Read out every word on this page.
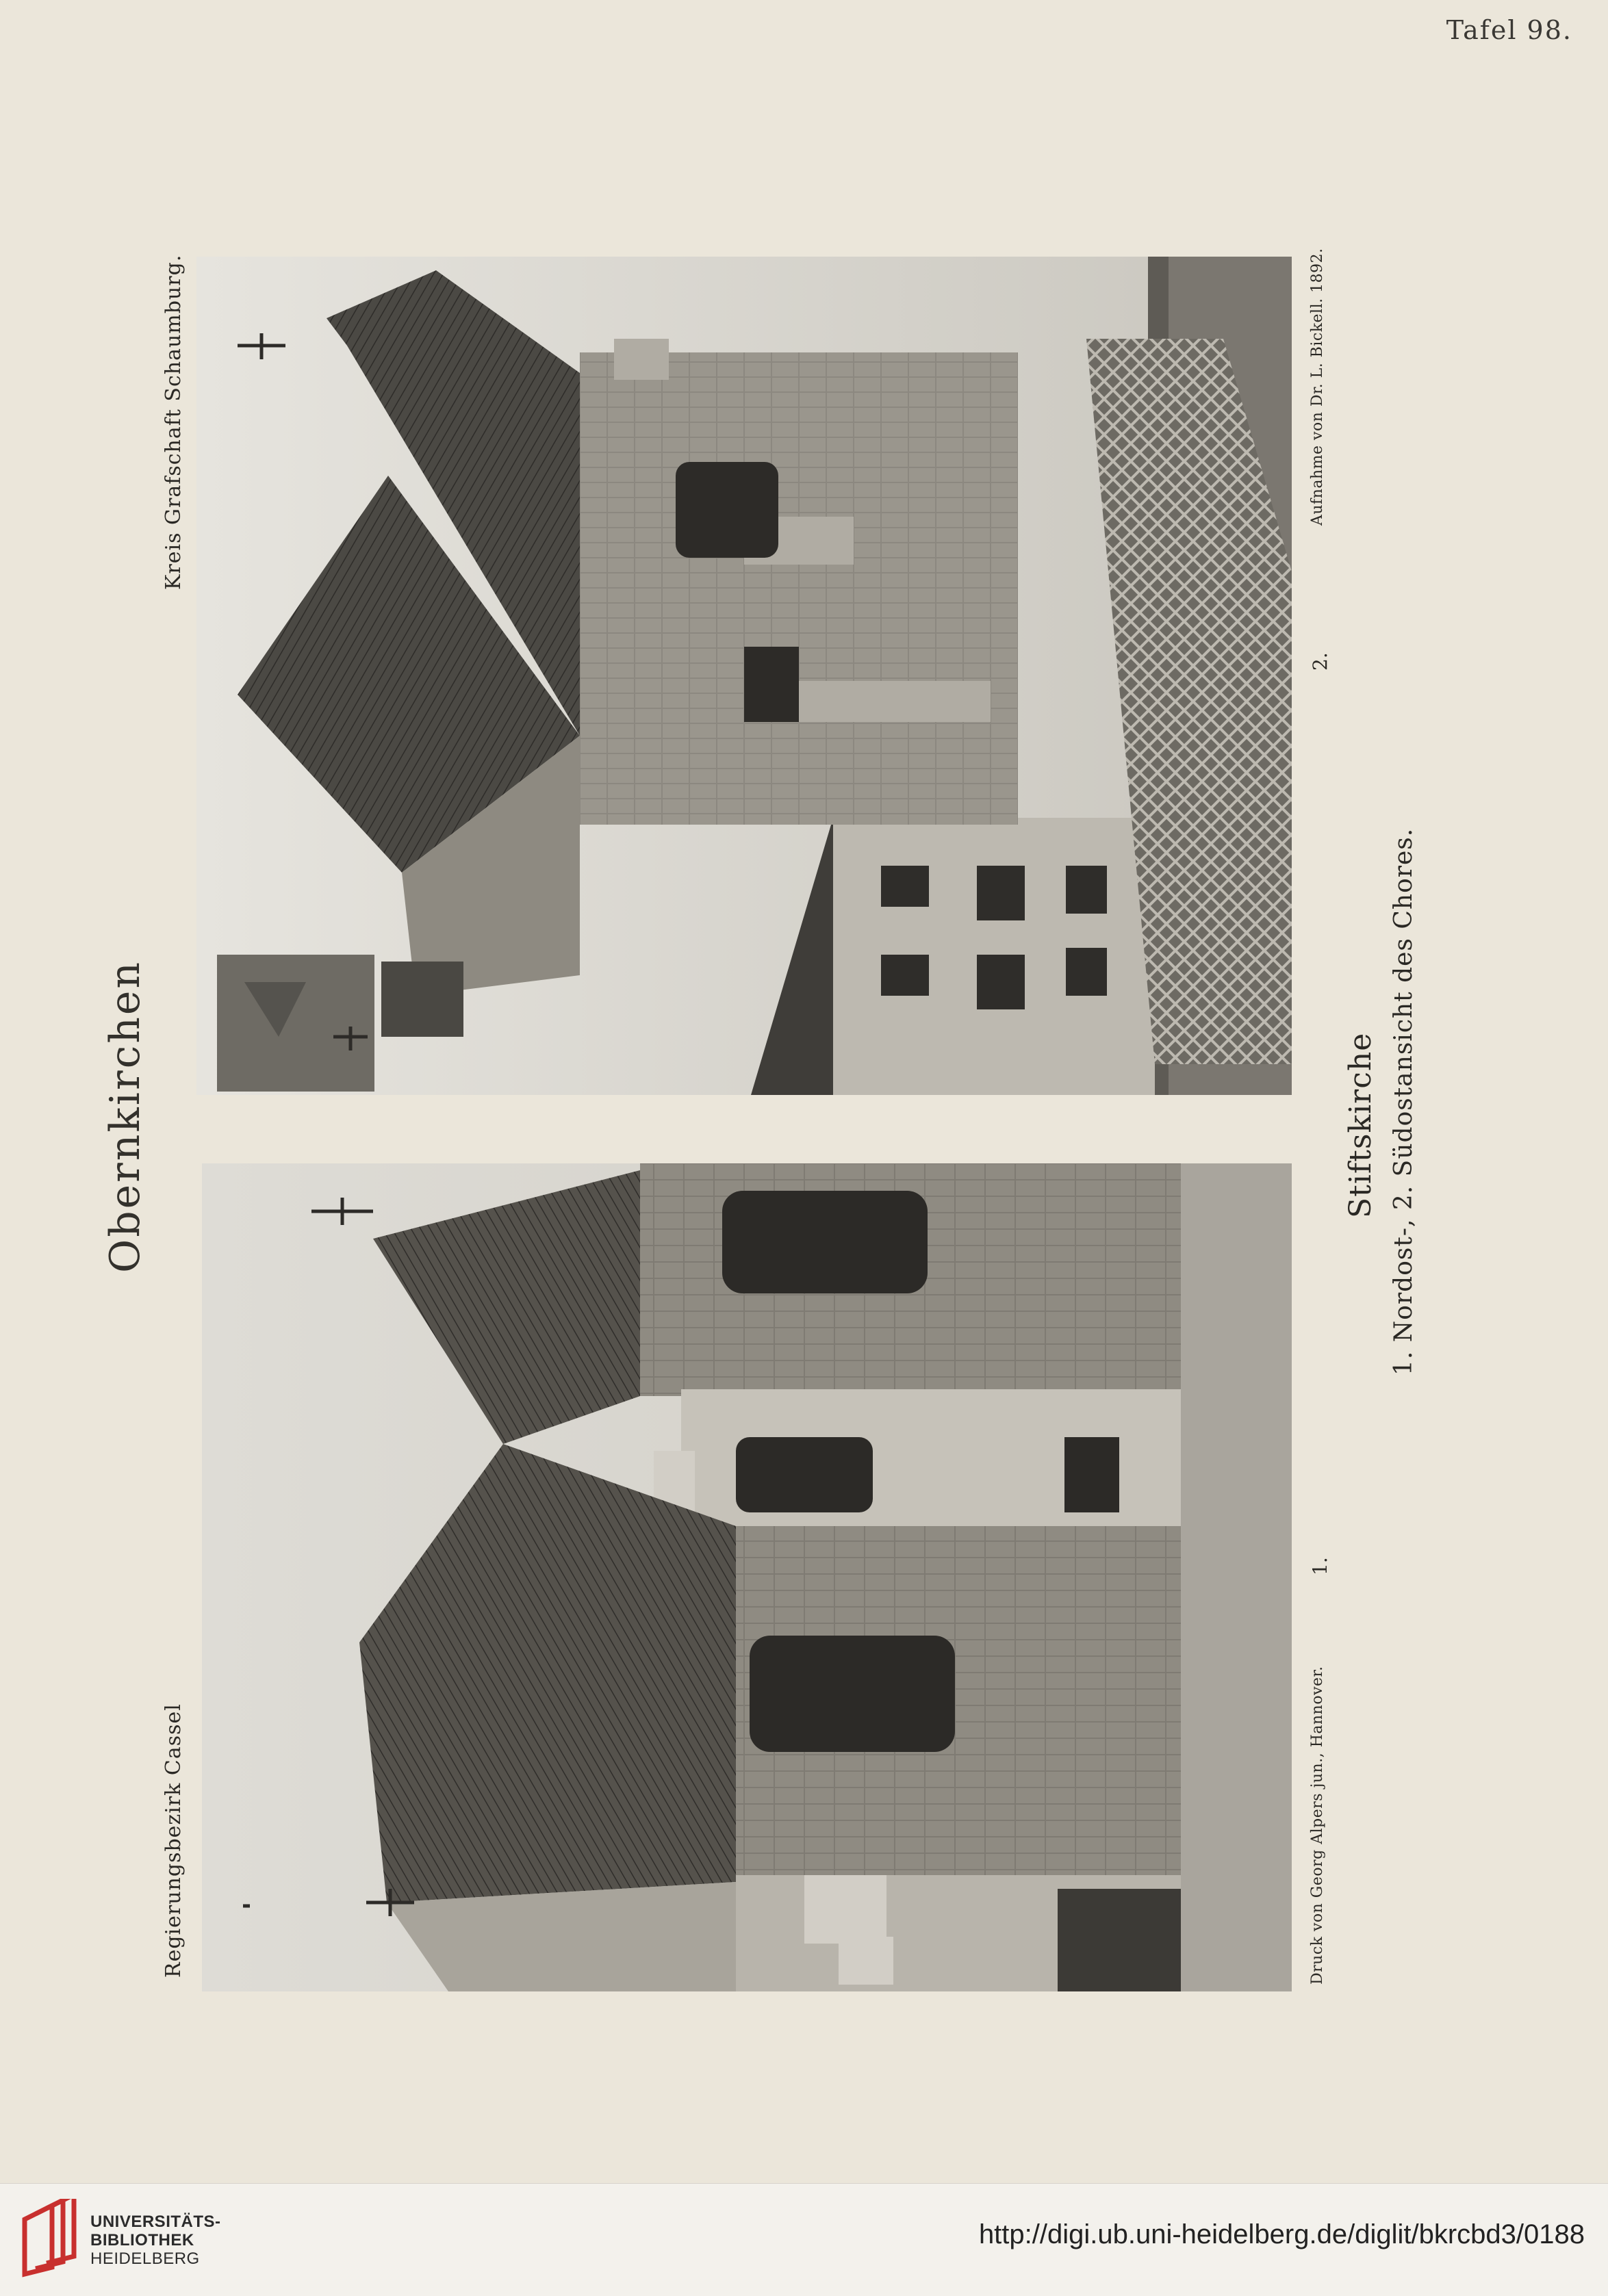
Tafel 98.
Obernkirchen
Regierungsbezirk Cassel
Kreis Grafschaft Schaumburg.
2.
Aufnahme von Dr. L. Bickell. 1892.
1.
Druck von Georg Alpers jun., Hannover.
Stiftskirche 1. Nordost-, 2. Südostansicht des Chores.
UNIVERSITÄTS-
BIBLIOTHEK
HEIDELBERG
http://digi.ub.uni-heidelberg.de/diglit/bkrcbd3/0188
